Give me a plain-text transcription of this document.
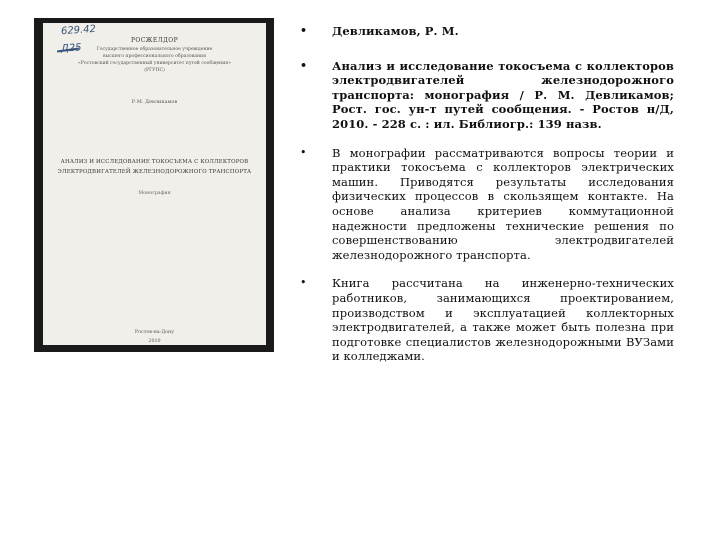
629.42
Д25
РОСЖЕЛДОР
Государственное образовательное учреждение
высшего профессионального образования
«Ростовский государственный университет путей сообщения»
(РГУПС)
Р.М. Девликамов
АНАЛИЗ И ИССЛЕДОВАНИЕ ТОКОСЪЕМА С КОЛЛЕКТОРОВ
ЭЛЕКТРОДВИГАТЕЛЕЙ ЖЕЛЕЗНОДОРОЖНОГО ТРАНСПОРТА
Монография
Ростов-на-Дону
2010
• Девликамов, Р. М.
• Анализ и исследование токосъема с коллекторов электродвигателей железнодорожного транспорта: монография / Р. М. Девликамов; Рост. гос. ун-т путей сообщения. - Ростов н/Д, 2010. - 228 с. : ил. Библиогр.: 139 назв.
• В монографии рассматриваются вопросы теории и практики токосъема с коллекторов электрических машин. Приводятся результаты исследования физических процессов в скользящем контакте. На основе анализа критериев коммутационной надежности предложены технические решения по совершенствованию электродвигателей железнодорожного транспорта.
• Книга рассчитана на инженерно-технических работников, занимающихся проектированием, производством и эксплуатацией коллекторных электродвигателей, а также может быть полезна при подготовке специалистов железнодорожными ВУЗами и колледжами.
